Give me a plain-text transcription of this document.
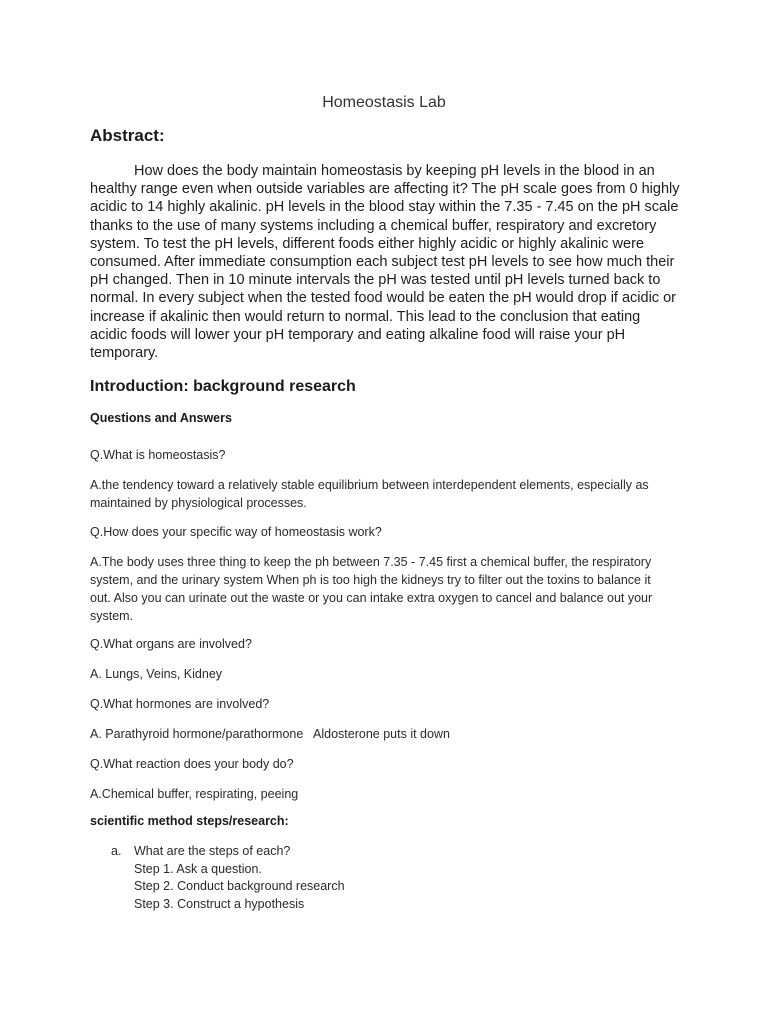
Homeostasis Lab
Abstract:

How does the body maintain homeostasis by keeping pH levels in the blood in an healthy range even when outside variables are affecting it? The pH scale goes from 0 highly acidic to 14 highly akalinic. pH levels in the blood stay within the 7.35 - 7.45 on the pH scale thanks to the use of many systems including a chemical buffer, respiratory and excretory system. To test the pH levels, different foods either highly acidic or highly akalinic were consumed. After immediate consumption each subject test pH levels to see how much their pH changed. Then in 10 minute intervals the pH was tested until pH levels turned back to normal. In every subject when the tested food would be eaten the pH would drop if acidic or increase if akalinic then would return to normal. This lead to the conclusion that eating acidic foods will lower your pH temporary and eating alkaline food will raise your pH temporary.

Introduction: background research
Questions and Answers

Q.What is homeostasis?

A.the tendency toward a relatively stable equilibrium between interdependent elements, especially as maintained by physiological processes.

Q.How does your specific way of homeostasis work?

A.The body uses three thing to keep the ph between 7.35 - 7.45 first a chemical buffer, the respiratory system, and the urinary system When ph is too high the kidneys try to filter out the toxins to balance it out. Also you can urinate out the waste or you can intake extra oxygen to cancel and balance out your system.

Q.What organs are involved?

A. Lungs, Veins, Kidney

Q.What hormones are involved?

A. Parathyroid hormone/parathormone   Aldosterone puts it down

Q.What reaction does your body do?

A.Chemical buffer, respirating, peeing

scientific method steps/research:
a. What are the steps of each?
Step 1. Ask a question.
Step 2. Conduct background research
Step 3. Construct a hypothesis
